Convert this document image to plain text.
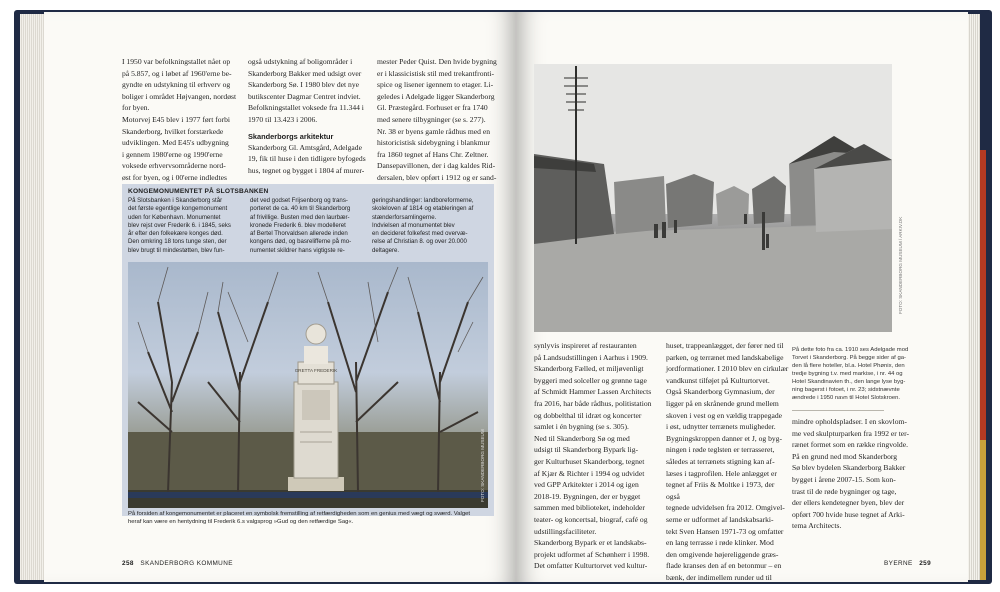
I 1950 var befolkningstallet nået op
på 5.857, og i løbet af 1960'erne be-
gyndte en udstykning til erhverv og
boliger i området Højvangen, nordøst
for byen.
Motorvej E45 blev i 1977 ført forbi
Skanderborg, hvilket forstærkede
udviklingen. Med E45's udbygning
i gennem 1980'erne og 1990'erne
voksede erhvervsområderne nord-
øst for byen, og i 00'erne indledtes
også udstykning af boligområder i
Skanderborg Bakker med udsigt over
Skanderborg Sø. I 1980 blev det nye
butikscenter Dagmar Centret indviet.
Befolkningstallet voksede fra 11.344 i
1970 til 13.423 i 2006.
Skanderborgs arkitektur
Skanderborg Gl. Amtsgård, Adelgade
19, fik til huse i den tidligere byfogeds
hus, tegnet og bygget i 1804 af murer-
mester Peder Quist. Den hvide bygning
er i klassicistisk stil med trekantfronti-
spice og lisener igennem to etager. Li-
geledes i Adelgade ligger Skanderborg
Gl. Præstegård. Forhuset er fra 1740
med senere tilbygninger (se s. 277).
Nr. 38 er byens gamle rådhus med en
historicistisk sidebygning i blankmur
fra 1860 tegnet af Hans Chr. Zeltner.
Dansepavillonen, der i dag kaldes Rid-
dersalen, blev opført i 1912 og er sand-
KONGEMONUMENTET PÅ SLOTSBANKEN
På Slotsbanken i Skanderborg står
det første egentlige kongemonument
uden for København. Monumentet
blev rejst over Frederik 6. i 1845, seks
år efter den folkekære konges død.
Den omkring 18 tons tunge sten, der
blev brugt til mindestøtten, blev fun-
det ved godset Frijsenborg og trans-
porteret de ca. 40 km til Skanderborg
af frivillige. Busten med den laurbær-
kronede Frederik 6. blev modelleret
af Bertel Thorvaldsen allerede inden
kongens død, og basrelifferne på mo-
numentet skildrer hans vigtigste re-
geringshandlinger: landboreformerne,
skoleloven af 1814 og etableringen af
stænderforsamlingerne.
Indvielsen af monumentet blev
en decideret folkefest med overvæ-
relse af Christian 8. og over 20.000
deltagere.
GRETTA FREDERIK
FOTO: SKANDERBORG MUSEUM
På forsiden af kongemonumentet er placeret en symbolsk fremstilling af retfærdigheden som en genius med vægt og sværd. Valget
heraf kan være en hentydning til Frederik 6.s valgsprog »Gud og den retfærdige Sag«.
258 SKANDERBORG KOMMUNE
FOTO: SKANDERBORG MUSEUM / ARKIV.DK
synlyvis inspireret af restauranten
på Landsudstillingen i Aarhus i 1909.
Skanderborg Fælled, et miljøvenligt
byggeri med solceller og grønne tage
af Schmidt Hammer Lassen Architects
fra 2016, har både rådhus, politistation
og dobbelthal til idræt og koncerter
samlet i én bygning (se s. 305).
Ned til Skanderborg Sø og med
udsigt til Skanderborg Bypark lig-
ger Kulturhuset Skanderborg, tegnet
af Kjær & Richter i 1994 og udvidet
ved GPP Arkitekter i 2014 og igen
2018-19. Bygningen, der er bygget
sammen med biblioteket, indeholder
teater- og koncertsal, biograf, café og
udstillingsfaciliteter.
Skanderborg Bypark er et landskabs-
projekt udformet af Schønherr i 1998.
Det omfatter Kulturtorvet ved kultur-
huset, trappeanlægget, der fører ned til
parken, og terrænet med landskabelige
jordformationer. I 2010 blev en cirkulær
vandkunst tilføjet på Kulturtorvet.
Også Skanderborg Gymnasium, der
ligger på en skrånende grund mellem
skoven i vest og en vældig trappegade
i øst, udnytter terrænets muligheder.
Bygningskroppen danner et J, og byg-
ningen i røde teglsten er terrasseret,
således at terrænets stigning kan af-
læses i tagprofilen. Hele anlægget er
tegnet af Friis & Moltke i 1973, der også
tegnede udvidelsen fra 2012. Omgivel-
serne er udformet af landskabsarki-
tekt Sven Hansen 1971-73 og omfatter
en lang terrasse i røde klinker. Mod
den omgivende højereliggende græs-
flade kranses den af en betonmur – en
bænk, der indimellem runder ud til
På dette foto fra ca. 1910 ses Adelgade mod
Torvet i Skanderborg. På begge sider af ga-
den lå flere hoteller, bl.a. Hotel Phønix, den
tredje bygning t.v. med markise, i nr. 44 og
Hotel Skandinavien th., den lange lyse byg-
ning bagerst i fotoet, i nr. 23; sidstnævnte
ændrede i 1950 navn til Hotel Slotskroen.
mindre opholdspladser. I en skovlom-
me ved skulpturparken fra 1992 er ter-
rænet formet som en række ringvolde.
På en grund ned mod Skanderborg
Sø blev bydelen Skanderborg Bakker
bygget i årene 2007-15. Som kon-
trast til de røde bygninger og tage,
der ellers kendetegner byen, blev der
opført 700 hvide huse tegnet af Arki-
tema Architects.
BYERNE 259
